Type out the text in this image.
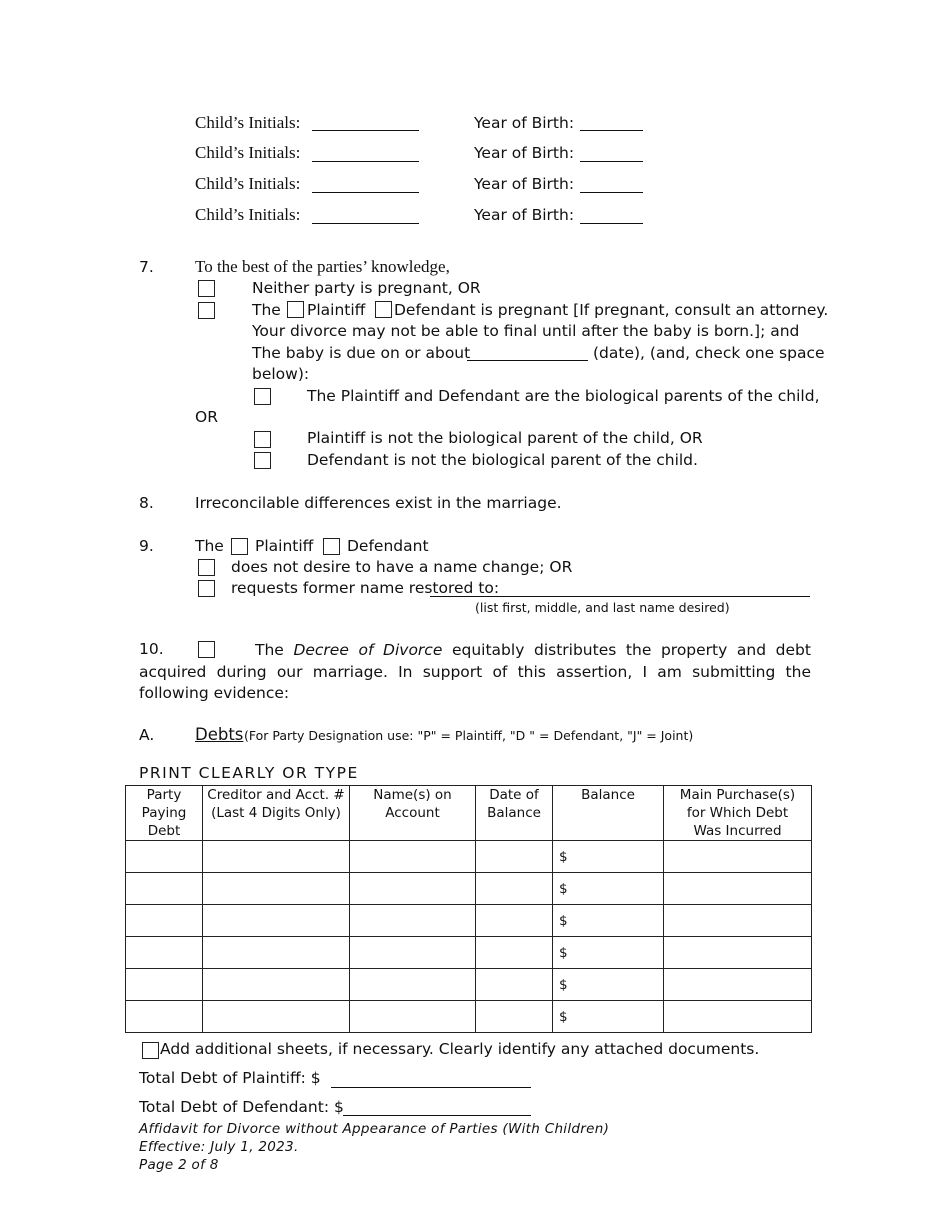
Child’s Initials:	Year of Birth:
Child’s Initials:	Year of Birth:
Child’s Initials:	Year of Birth:
Child’s Initials:	Year of Birth:
7. To the best of the parties’ knowledge,
Neither party is pregnant, OR
The Plaintiff Defendant is pregnant [If pregnant, consult an attorney.
Your divorce may not be able to final until after the baby is born.]; and
The baby is due on or about	(date), (and, check one space
below):
The Plaintiff and Defendant are the biological parents of the child,
OR
Plaintiff is not the biological parent of the child, OR
Defendant is not the biological parent of the child.
8.	Irreconcilable differences exist in the marriage.
9.	The Plaintiff Defendant
does not desire to have a name change; OR
requests former name restored to:
(list first, middle, and last name desired)
10.	The Decree of Divorce equitably distributes the property and debt acquired during our marriage. In support of this assertion, I am submitting the following evidence:
A. Debts (For Party Designation use: "P" = Plaintiff, "D " = Defendant, "J" = Joint)
PRINT CLEARLY OR TYPE
Party Paying Debt	Creditor and Acct. # (Last 4 Digits Only)	Name(s) on Account	Date of Balance	Balance	Main Purchase(s) for Which Debt Was Incurred
				$	
				$	
				$	
				$	
				$	
				$	
Add additional sheets, if necessary. Clearly identify any attached documents.
Total Debt of Plaintiff: $
Total Debt of Defendant: $
Affidavit for Divorce without Appearance of Parties (With Children)
Effective: July 1, 2023.
Page 2 of 8
